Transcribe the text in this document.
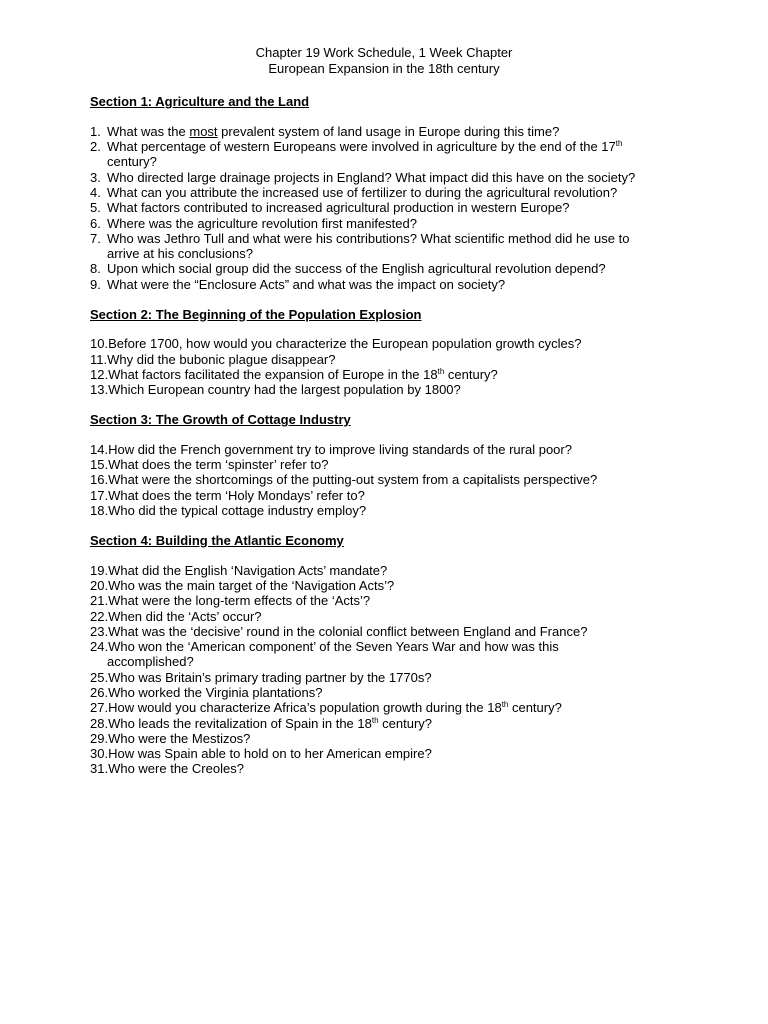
Chapter 19 Work Schedule, 1 Week Chapter
European Expansion in the 18th century
Section 1: Agriculture and the Land
1. What was the most prevalent system of land usage in Europe during this time?
2. What percentage of western Europeans were involved in agriculture by the end of the 17th
century?
3. Who directed large drainage projects in England? What impact did this have on the society?
4. What can you attribute the increased use of fertilizer to during the agricultural revolution?
5. What factors contributed to increased agricultural production in western Europe?
6. Where was the agriculture revolution first manifested?
7. Who was Jethro Tull and what were his contributions? What scientific method did he use to
arrive at his conclusions?
8. Upon which social group did the success of the English agricultural revolution depend?
9. What were the “Enclosure Acts” and what was the impact on society?
Section 2: The Beginning of the Population Explosion
10.Before 1700, how would you characterize the European population growth cycles?
11.Why did the bubonic plague disappear?
12.What factors facilitated the expansion of Europe in the 18th century?
13.Which European country had the largest population by 1800?
Section 3: The Growth of Cottage Industry
14.How did the French government try to improve living standards of the rural poor?
15.What does the term ‘spinster’ refer to?
16.What were the shortcomings of the putting-out system from a capitalists perspective?
17.What does the term ‘Holy Mondays’ refer to?
18.Who did the typical cottage industry employ?
Section 4: Building the Atlantic Economy
19.What did the English ‘Navigation Acts’ mandate?
20.Who was the main target of the ‘Navigation Acts’?
21.What were the long-term effects of the ‘Acts’?
22.When did the ‘Acts’ occur?
23.What was the ‘decisive’ round in the colonial conflict between England and France?
24.Who won the ‘American component’ of the Seven Years War and how was this
accomplished?
25.Who was Britain’s primary trading partner by the 1770s?
26.Who worked the Virginia plantations?
27.How would you characterize Africa’s population growth during the 18th century?
28.Who leads the revitalization of Spain in the 18th century?
29.Who were the Mestizos?
30.How was Spain able to hold on to her American empire?
31.Who were the Creoles?
